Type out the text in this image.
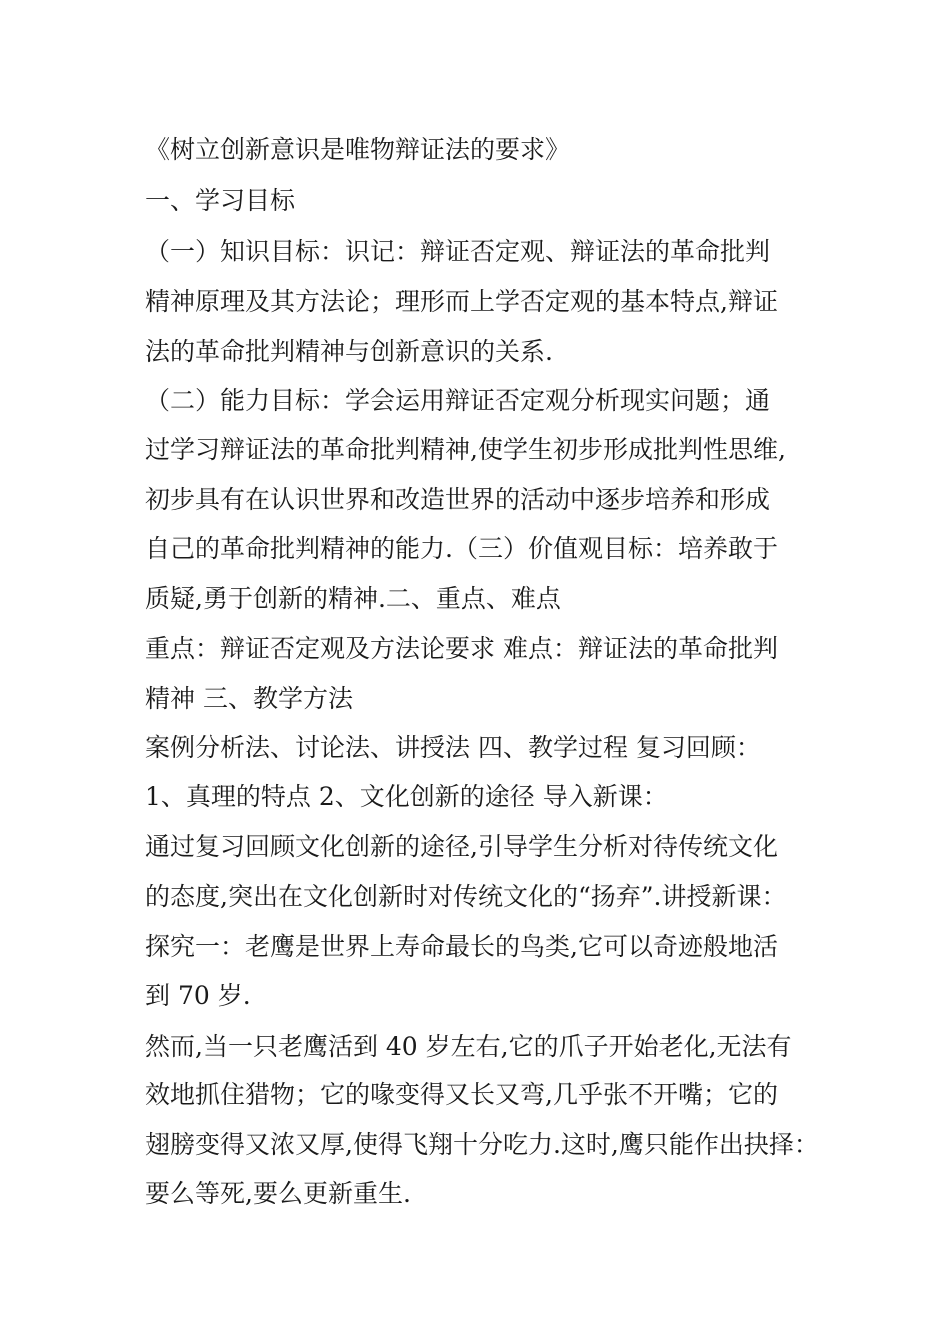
《树立创新意识是唯物辩证法的要求》
一、学习目标
（一）知识目标：识记：辩证否定观、辩证法的革命批判
精神原理及其方法论；理形而上学否定观的基本特点,辩证
法的革命批判精神与创新意识的关系.
（二）能力目标：学会运用辩证否定观分析现实问题；通
过学习辩证法的革命批判精神,使学生初步形成批判性思维,
初步具有在认识世界和改造世界的活动中逐步培养和形成
自己的革命批判精神的能力.（三）价值观目标：培养敢于
质疑,勇于创新的精神.二、重点、难点
重点：辩证否定观及方法论要求 难点：辩证法的革命批判
精神 三、教学方法
案例分析法、讨论法、讲授法 四、教学过程 复习回顾：
1、真理的特点 2、文化创新的途径 导入新课：
通过复习回顾文化创新的途径,引导学生分析对待传统文化
的态度,突出在文化创新时对传统文化的“扬弃”.讲授新课：
探究一：老鹰是世界上寿命最长的鸟类,它可以奇迹般地活
到 70 岁.
然而,当一只老鹰活到 40 岁左右,它的爪子开始老化,无法有
效地抓住猎物；它的喙变得又长又弯,几乎张不开嘴；它的
翅膀变得又浓又厚,使得飞翔十分吃力.这时,鹰只能作出抉择：
要么等死,要么更新重生.
